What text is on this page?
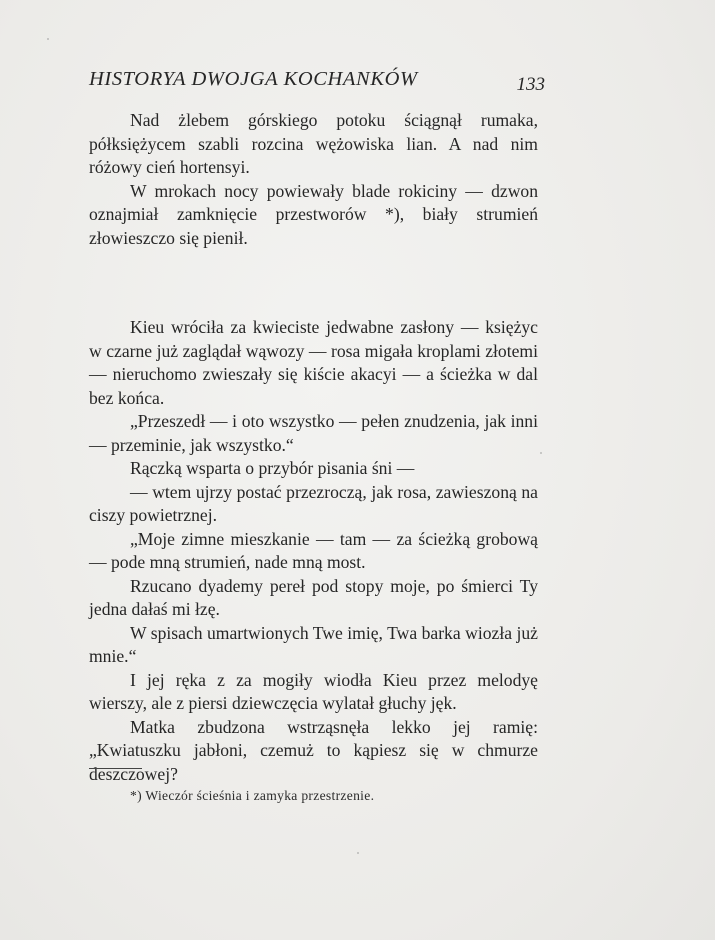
HISTORYA DWOJGA KOCHANKÓW	133

Nad żlebem górskiego potoku ściągnął rumaka, półksiężycem szabli rozcina wężowiska lian. A nad nim różowy cień hortensyi.

W mrokach nocy powiewały blade rokiciny — dzwon oznajmiał zamknięcie przestworów *), biały strumień złowieszczo się pienił.

Kieu wróciła za kwieciste jedwabne zasłony — księżyc w czarne już zaglądał wąwozy — rosa migała kroplami złotemi — nieruchomo zwieszały się kiście akacyi — a ścieżka w dal bez końca.

„Przeszedł — i oto wszystko — pełen znudzenia, jak inni — przeminie, jak wszystko.“

Rączką wsparta o przybór pisania śni —

— wtem ujrzy postać przezroczą, jak rosa, zawieszoną na ciszy powietrznej.

„Moje zimne mieszkanie — tam — za ścieżką grobową — pode mną strumień, nade mną most.

Rzucano dyademy pereł pod stopy moje, po śmierci Ty jedna dałaś mi łzę.

W spisach umartwionych Twe imię, Twa barka wiozła już mnie.“

I jej ręka z za mogiły wiodła Kieu przez melodyę wierszy, ale z piersi dziewczęcia wylatał głuchy jęk.

Matka zbudzona wstrząsnęła lekko jej ramię: „Kwiatuszku jabłoni, czemuż to kąpiesz się w chmurze deszczowej?

*) Wieczór ścieśnia i zamyka przestrzenie.
